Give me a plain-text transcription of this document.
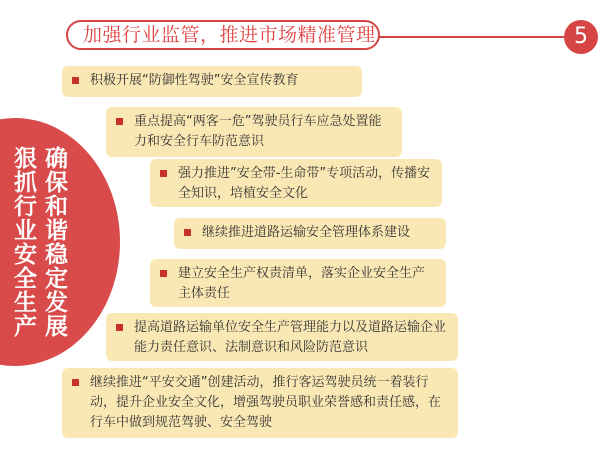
加强行业监管，推进市场精准管理	5
确保和谐稳定发展
狠抓行业安全生产
积极开展“防御性驾驶”安全宣传教育
重点提高“两客一危”驾驶员行车应急处置能力和安全行车防范意识
强力推进”安全带-生命带”专项活动，传播安全知识，培植安全文化
继续推进道路运输安全管理体系建设
建立安全生产权责清单，落实企业安全生产主体责任
提高道路运输单位安全生产管理能力以及道路运输企业能力责任意识、法制意识和风险防范意识
继续推进“平安交通”创建活动，推行客运驾驶员统一着装行动，提升企业安全文化，增强驾驶员职业荣誉感和责任感，在行车中做到规范驾驶、安全驾驶
